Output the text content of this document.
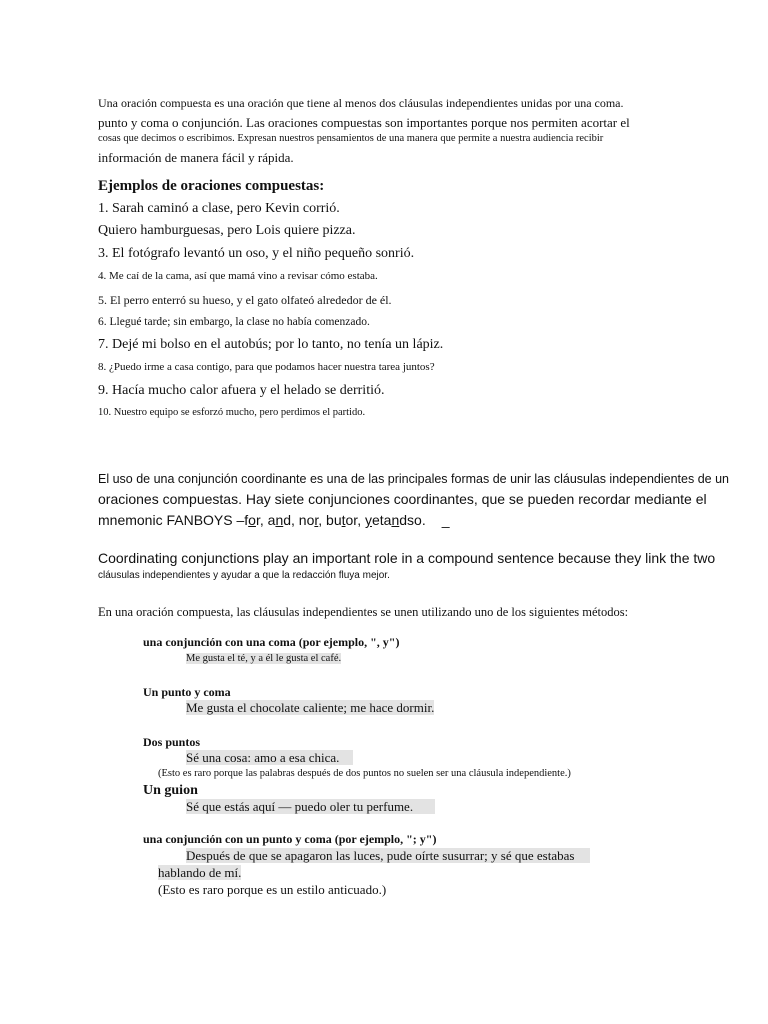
Una oración compuesta es una oración que tiene al menos dos cláusulas independientes unidas por una coma.
punto y coma o conjunción. Las oraciones compuestas son importantes porque nos permiten acortar el
cosas que decimos o escribimos. Expresan nuestros pensamientos de una manera que permite a nuestra audiencia recibir
información de manera fácil y rápida.
Ejemplos de oraciones compuestas:
1. Sarah caminó a clase, pero Kevin corrió.
Quiero hamburguesas, pero Lois quiere pizza.
3. El fotógrafo levantó un oso, y el niño pequeño sonrió.
4. Me caí de la cama, así que mamá vino a revisar cómo estaba.
5. El perro enterró su hueso, y el gato olfateó alrededor de él.
6. Llegué tarde; sin embargo, la clase no había comenzado.
7. Dejé mi bolso en el autobús; por lo tanto, no tenía un lápiz.
8. ¿Puedo irme a casa contigo, para que podamos hacer nuestra tarea juntos?
9. Hacía mucho calor afuera y el helado se derritió.
10. Nuestro equipo se esforzó mucho, pero perdimos el partido.
El uso de una conjunción coordinante es una de las principales formas de unir las cláusulas independientes de un
oraciones compuestas. Hay siete conjunciones coordinantes, que se pueden recordar mediante el
mnemonic FANBOYS –for, and, nor, butor, yetandso. _
Coordinating conjunctions play an important role in a compound sentence because they link the two
cláusulas independientes y ayudar a que la redacción fluya mejor.
En una oración compuesta, las cláusulas independientes se unen utilizando uno de los siguientes métodos:
una conjunción con una coma (por ejemplo, ", y")
Me gusta el té, y a él le gusta el café.
Un punto y coma
Me gusta el chocolate caliente; me hace dormir.
Dos puntos
Sé una cosa: amo a esa chica.
(Esto es raro porque las palabras después de dos puntos no suelen ser una cláusula independiente.)
Un guion
Sé que estás aquí — puedo oler tu perfume.
una conjunción con un punto y coma (por ejemplo, "; y")
Después de que se apagaron las luces, pude oírte susurrar; y sé que estabas
hablando de mí.
(Esto es raro porque es un estilo anticuado.)
